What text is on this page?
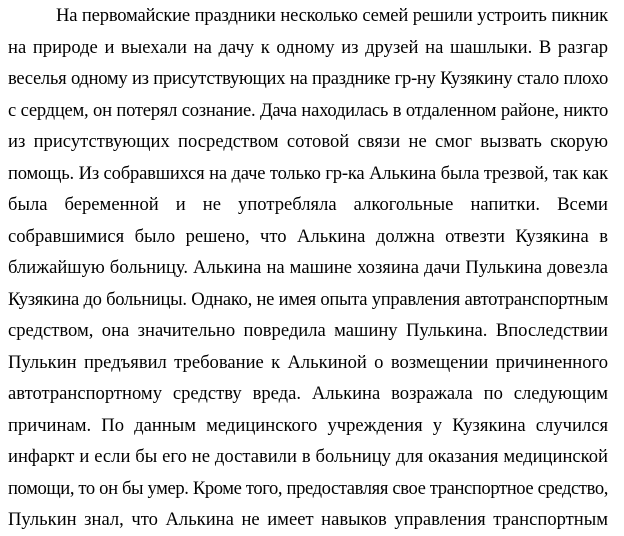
На первомайские праздники несколько семей решили устроить пикник
на природе и выехали на дачу к одному из друзей на шашлыки. В разгар
веселья одному из присутствующих на празднике гр-ну Кузякину стало плохо
с сердцем, он потерял сознание. Дача находилась в отдаленном районе, никто
из присутствующих посредством сотовой связи не смог вызвать скорую
помощь. Из собравшихся на даче только гр-ка Алькина была трезвой, так как
была беременной и не употребляла алкогольные напитки. Всеми
собравшимися было решено, что Алькина должна отвезти Кузякина в
ближайшую больницу. Алькина на машине хозяина дачи Пулькина довезла
Кузякина до больницы. Однако, не имея опыта управления автотранспортным
средством, она значительно повредила машину Пулькина. Впоследствии
Пулькин предъявил требование к Алькиной о возмещении причиненного
автотранспортному средству вреда. Алькина возражала по следующим
причинам. По данным медицинского учреждения у Кузякина случился
инфаркт и если бы его не доставили в больницу для оказания медицинской
помощи, то он бы умер. Кроме того, предоставляя свое транспортное средство,
Пулькин знал, что Алькина не имеет навыков управления транспортным
